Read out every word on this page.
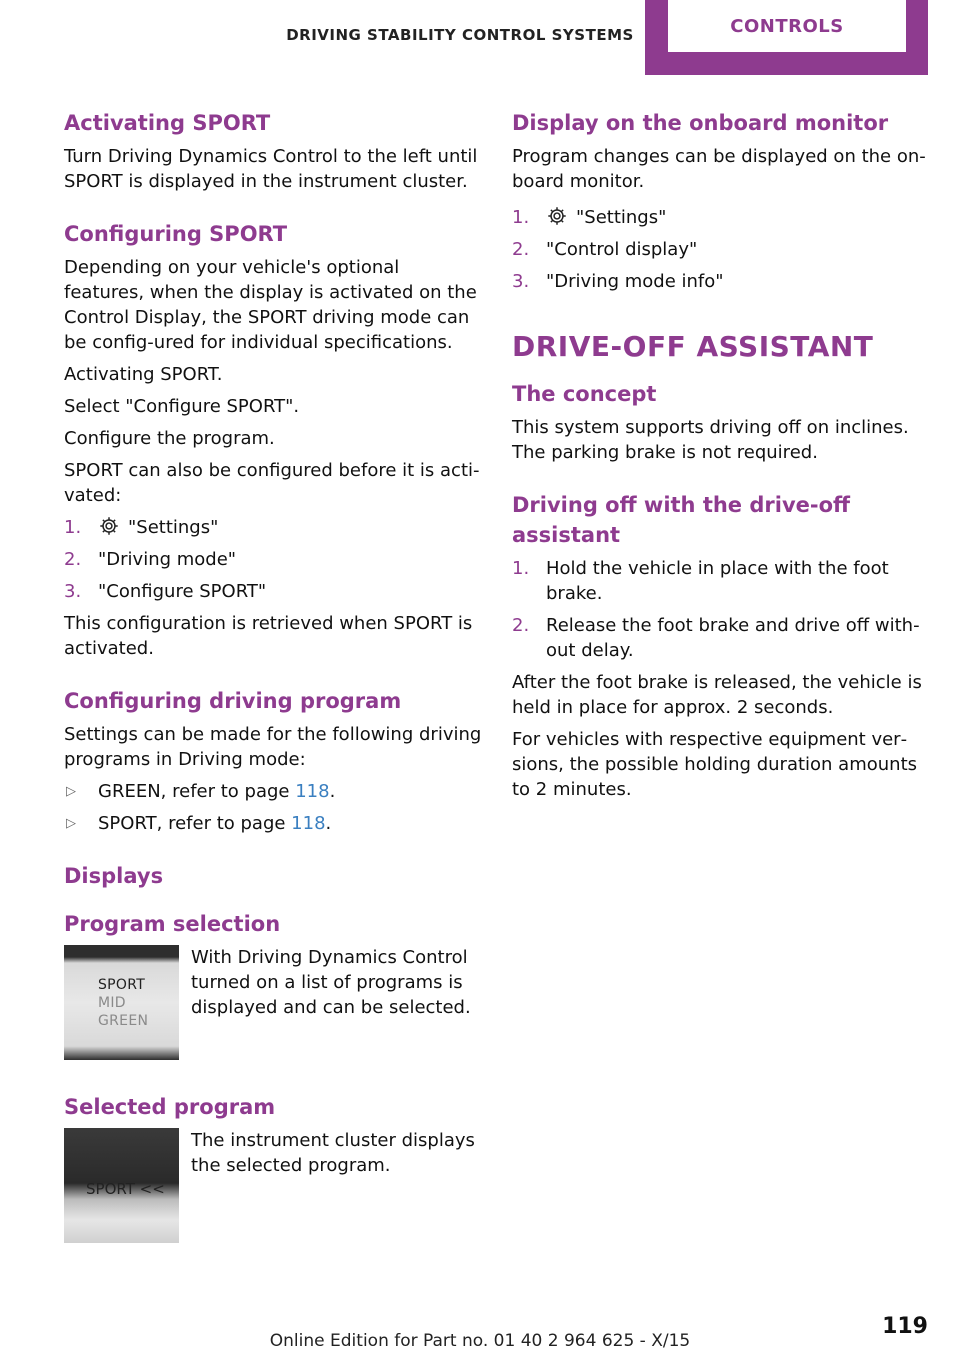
DRIVING STABILITY CONTROL SYSTEMS	CONTROLS
Activating SPORT

Turn Driving Dynamics Control to the left until SPORT is displayed in the instrument cluster.

Configuring SPORT

Depending on your vehicle's optional features, when the display is activated on the Control Display, the SPORT driving mode can be config‐ured for individual specifications.

Activating SPORT.

Select "Configure SPORT".

Configure the program.

SPORT can also be configured before it is acti‐vated:

1.	"Settings"
2. "Driving mode"
3. "Configure SPORT"

This configuration is retrieved when SPORT is activated.

Configuring driving program

Settings can be made for the following driving programs in Driving mode:

▷ GREEN, refer to page 118.
▷ SPORT, refer to page 118.
Displays
Program selection
SPORT
MID
GREEN
With Driving Dynamics Control turned on a list of programs is displayed and can be selected.
Selected program
SPORT <<
The instrument cluster displays the selected program.
Display on the onboard monitor

Program changes can be displayed on the on‐board monitor.

1.	"Settings"
2. "Control display"
3. "Driving mode info"
DRIVE-OFF ASSISTANT
The concept

This system supports driving off on inclines. The parking brake is not required.

Driving off with the drive-off assistant
1. Hold the vehicle in place with the foot brake.
2. Release the foot brake and drive off with‐out delay.

After the foot brake is released, the vehicle is held in place for approx. 2 seconds.

For vehicles with respective equipment ver‐sions, the possible holding duration amounts to 2 minutes.

119
Online Edition for Part no. 01 40 2 964 625 - X/15
